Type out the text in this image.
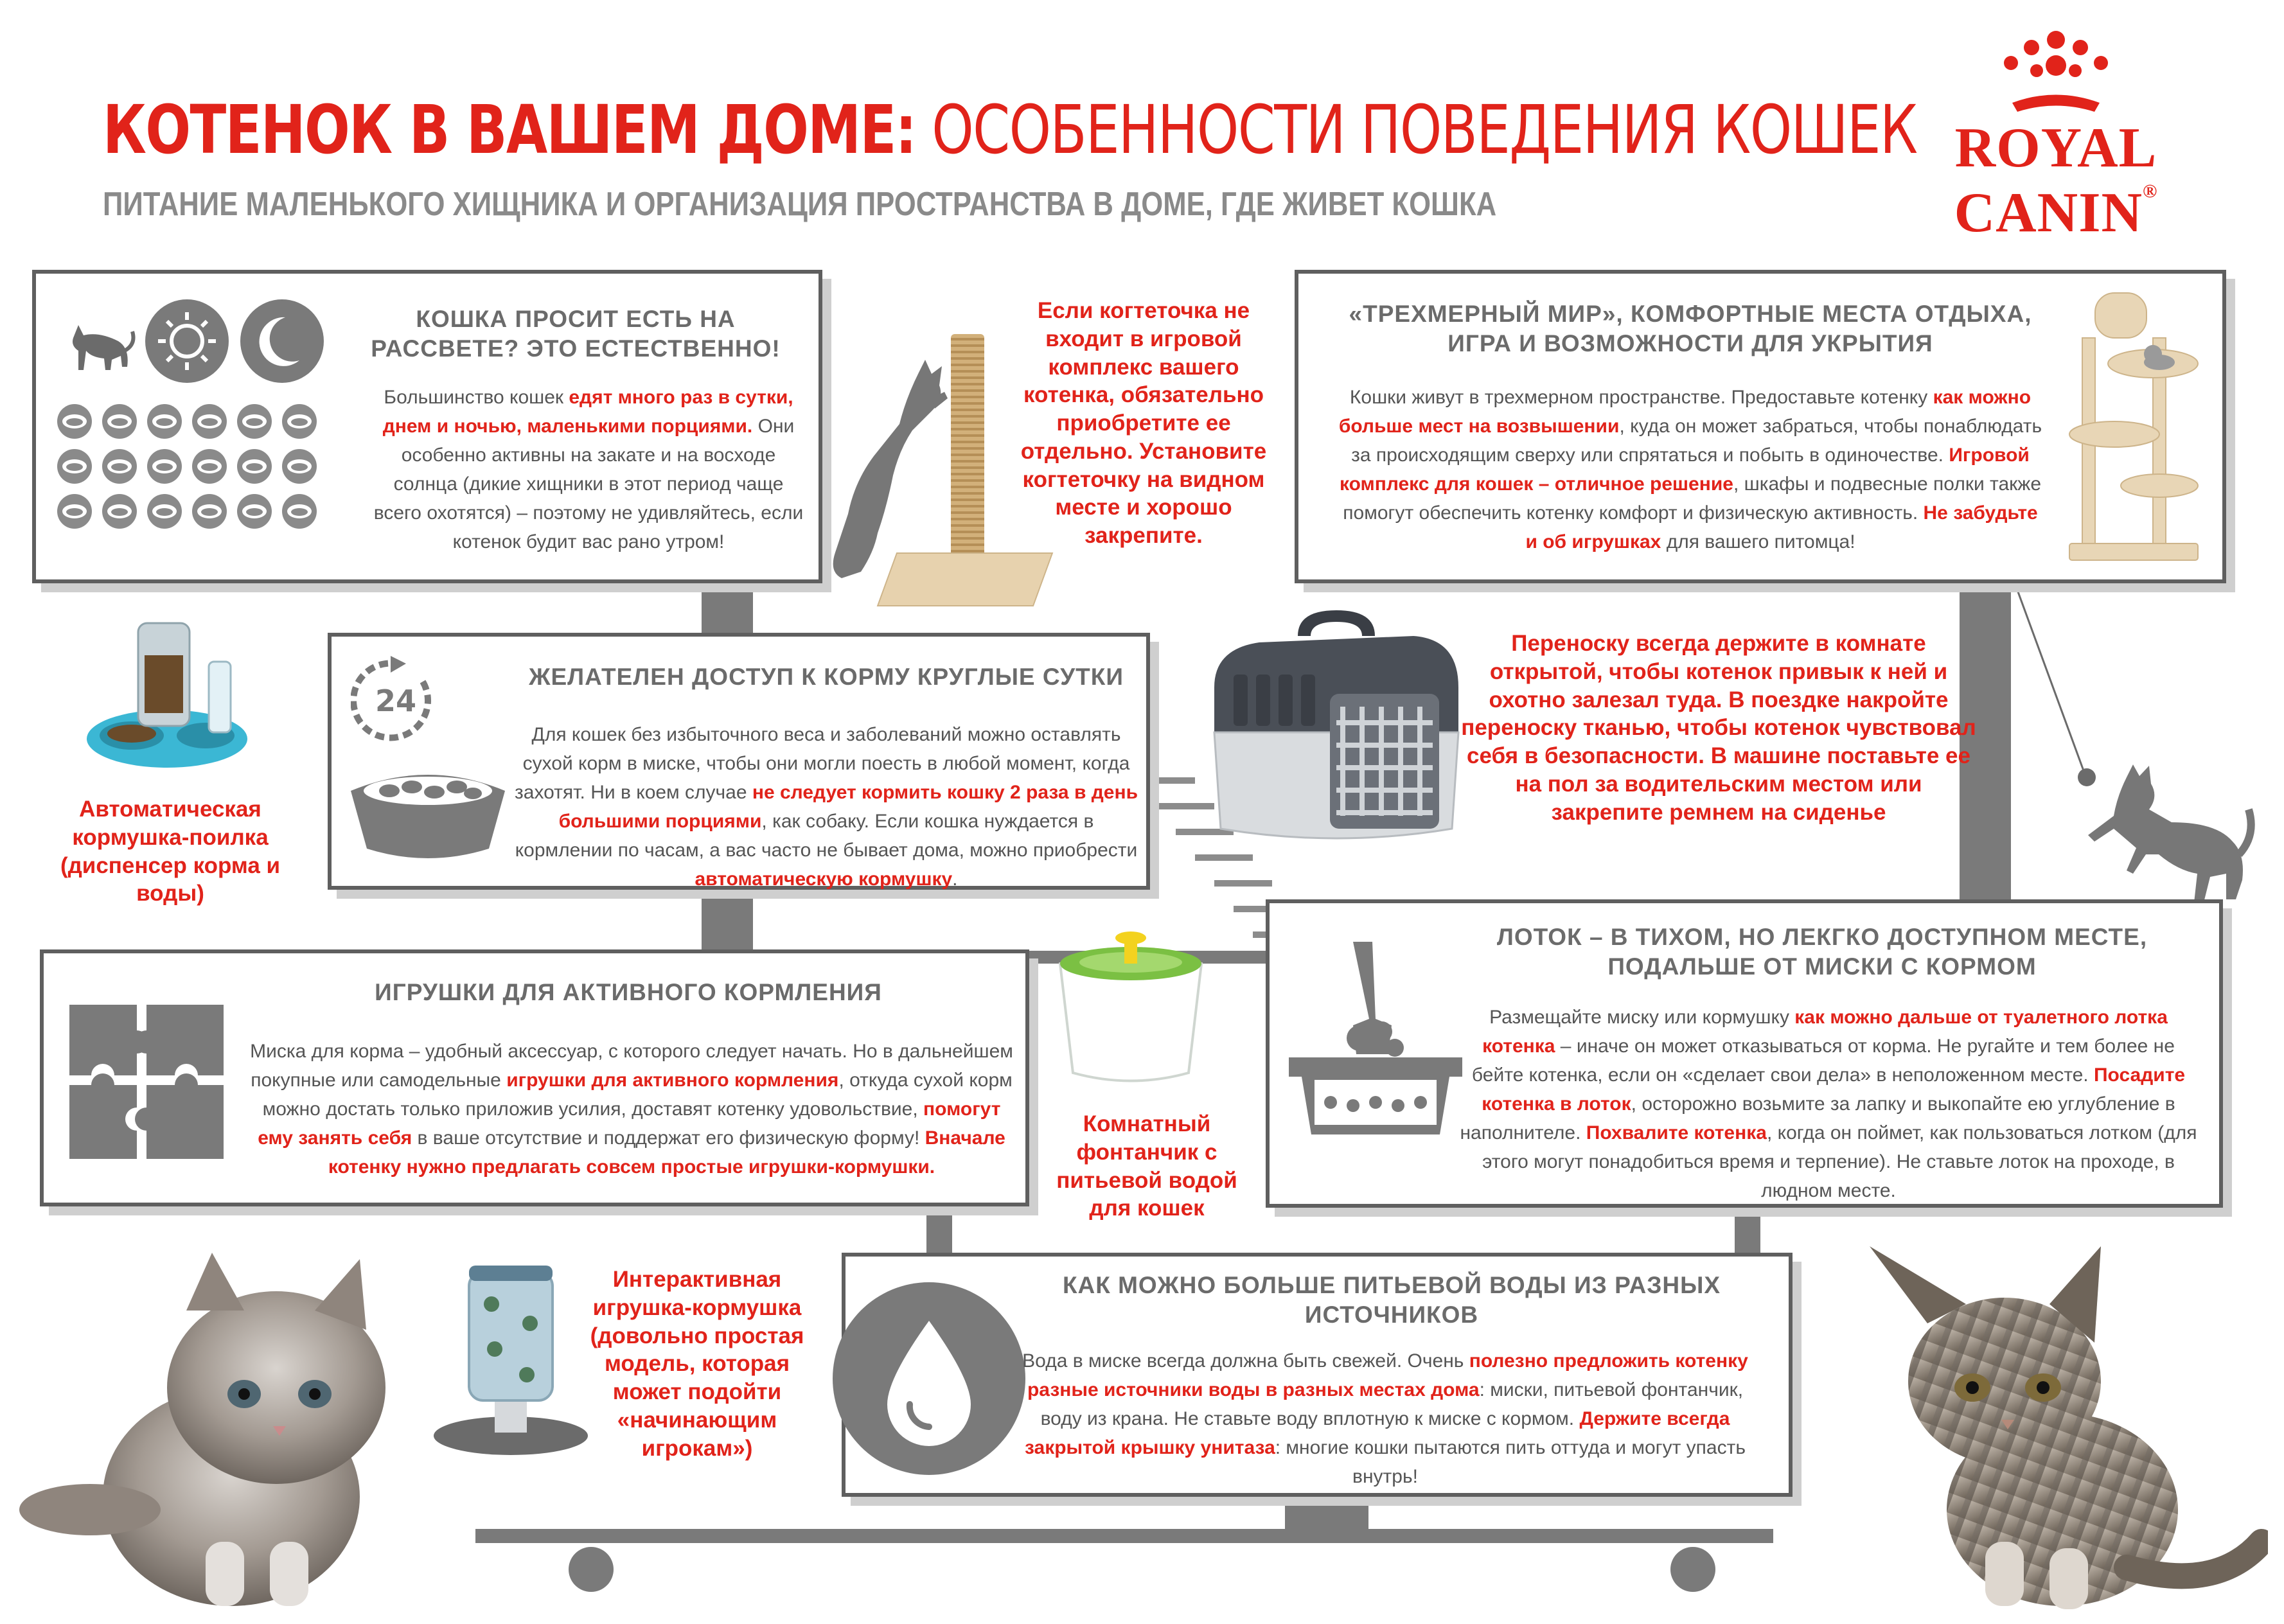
КОТЕНОК В ВАШЕМ ДОМЕ: ОСОБЕННОСТИ ПОВЕДЕНИЯ КОШЕК
ПИТАНИЕ МАЛЕНЬКОГО ХИЩНИКА И ОРГАНИЗАЦИЯ ПРОСТРАНСТВА В ДОМЕ, ГДЕ ЖИВЕТ КОШКА
ROYAL CANIN®
КОШКА ПРОСИТ ЕСТЬ НА РАССВЕТЕ? ЭТО ЕСТЕСТВЕННО!

Большинство кошек едят много раз в сутки, днем и ночью, маленькими порциями. Они особенно активны на закате и на восходе солнца (дикие хищники в этот период чаще всего охотятся) – поэтому не удивляйтесь, если котенок будит вас рано утром!

Если когтеточка не входит в игровой комплекс вашего котенка, обязательно приобретите ее отдельно. Установите когтеточку на видном месте и хорошо закрепите.
«ТРЕХМЕРНЫЙ МИР», КОМФОРТНЫЕ МЕСТА ОТДЫХА, ИГРА И ВОЗМОЖНОСТИ ДЛЯ УКРЫТИЯ

Кошки живут в трехмерном пространстве. Предоставьте котенку как можно больше мест на возвышении, куда он может забраться, чтобы понаблюдать за происходящим сверху или спрятаться и побыть в одиночестве. Игровой комплекс для кошек – отличное решение, шкафы и подвесные полки также помогут обеспечить котенку комфорт и физическую активность. Не забудьте и об игрушках для вашего питомца!

Автоматическая кормушка-поилка (диспенсер корма и воды)
24
ЖЕЛАТЕЛЕН ДОСТУП К КОРМУ КРУГЛЫЕ СУТКИ

Для кошек без избыточного веса и заболеваний можно оставлять сухой корм в миске, чтобы они могли поесть в любой момент, когда захотят. Ни в коем случае не следует кормить кошку 2 раза в день большими порциями, как собаку. Если кошка нуждается в кормлении по часам, а вас часто не бывает дома, можно приобрести автоматическую кормушку.

Переноску всегда держите в комнате открытой, чтобы котенок привык к ней и охотно залезал туда. В поездке накройте переноску тканью, чтобы котенок чувствовал себя в безопасности. В машине поставьте ее на пол за водительским местом или закрепите ремнем на сиденье
ИГРУШКИ ДЛЯ АКТИВНОГО КОРМЛЕНИЯ

Миска для корма – удобный аксессуар, с которого следует начать. Но в дальнейшем покупные или самодельные игрушки для активного кормления, откуда сухой корм можно достать только приложив усилия, доставят котенку удовольствие, помогут ему занять себя в ваше отсутствие и поддержат его физическую форму! Вначале котенку нужно предлагать совсем простые игрушки-кормушки.

Комнатный фонтанчик с питьевой водой для кошек
ЛОТОК – В ТИХОМ, НО ЛЕКГКО ДОСТУПНОМ МЕСТЕ, ПОДАЛЬШЕ ОТ МИСКИ С КОРМОМ

Размещайте миску или кормушку как можно дальше от туалетного лотка котенка – иначе он может отказываться от корма. Не ругайте и тем более не бейте котенка, если он «сделает свои дела» в неположенном месте. Посадите котенка в лоток, осторожно возьмите за лапку и выкопайте ею углубление в наполнителе. Похвалите котенка, когда он поймет, как пользоваться лотком (для этого могут понадобиться время и терпение). Не ставьте лоток на проходе, в людном месте.

Интерактивная игрушка-кормушка (довольно простая модель, которая может подойти «начинающим игрокам»)
КАК МОЖНО БОЛЬШЕ ПИТЬЕВОЙ ВОДЫ ИЗ РАЗНЫХ ИСТОЧНИКОВ

Вода в миске всегда должна быть свежей. Очень полезно предложить котенку разные источники воды в разных местах дома: миски, питьевой фонтанчик, воду из крана. Не ставьте воду вплотную к миске с кормом. Держите всегда закрытой крышку унитаза: многие кошки пытаются пить оттуда и могут упасть внутрь!
